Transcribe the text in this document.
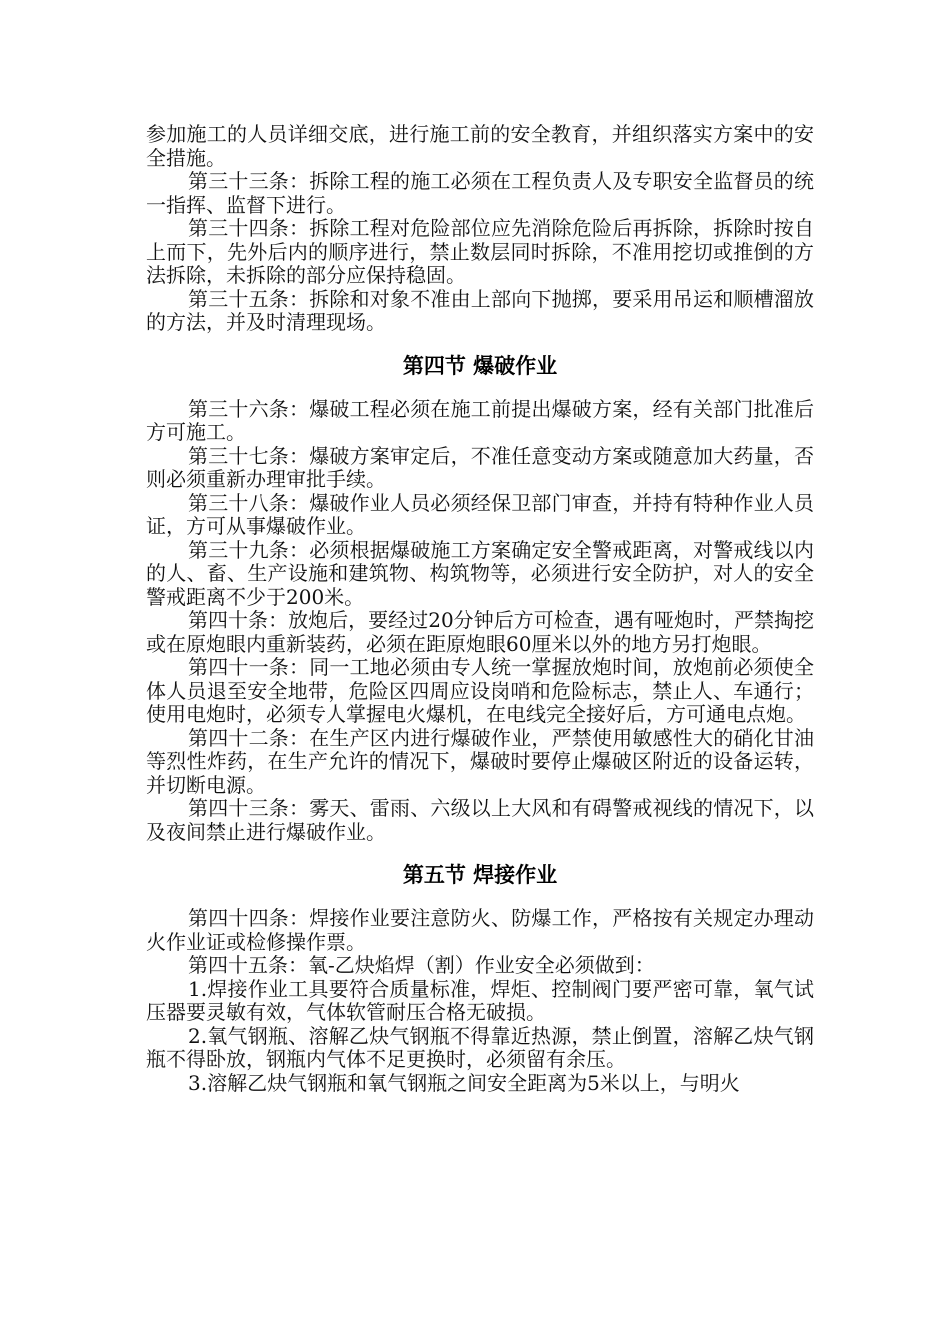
参加施工的人员详细交底，进行施工前的安全教育，并组织落实方案中的安全措施。

第三十三条：拆除工程的施工必须在工程负责人及专职安全监督员的统一指挥、监督下进行。

第三十四条：拆除工程对危险部位应先消除危险后再拆除，拆除时按自上而下，先外后内的顺序进行，禁止数层同时拆除，不准用挖切或推倒的方法拆除，未拆除的部分应保持稳固。

第三十五条：拆除和对象不准由上部向下抛掷，要采用吊运和顺槽溜放的方法，并及时清理现场。

第四节 爆破作业

第三十六条：爆破工程必须在施工前提出爆破方案，经有关部门批准后方可施工。

第三十七条：爆破方案审定后，不准任意变动方案或随意加大药量，否则必须重新办理审批手续。

第三十八条：爆破作业人员必须经保卫部门审查，并持有特种作业人员证，方可从事爆破作业。

第三十九条：必须根据爆破施工方案确定安全警戒距离，对警戒线以内的人、畜、生产设施和建筑物、构筑物等，必须进行安全防护，对人的安全警戒距离不少于200米。

第四十条：放炮后，要经过20分钟后方可检查，遇有哑炮时，严禁掏挖或在原炮眼内重新装药，必须在距原炮眼60厘米以外的地方另打炮眼。

第四十一条：同一工地必须由专人统一掌握放炮时间，放炮前必须使全体人员退至安全地带，危险区四周应设岗哨和危险标志，禁止人、车通行；使用电炮时，必须专人掌握电火爆机，在电线完全接好后，方可通电点炮。

第四十二条：在生产区内进行爆破作业，严禁使用敏感性大的硝化甘油等烈性炸药，在生产允许的情况下，爆破时要停止爆破区附近的设备运转，并切断电源。

第四十三条：雾天、雷雨、六级以上大风和有碍警戒视线的情况下，以及夜间禁止进行爆破作业。

第五节 焊接作业

第四十四条：焊接作业要注意防火、防爆工作，严格按有关规定办理动火作业证或检修操作票。

第四十五条：氧-乙炔焰焊（割）作业安全必须做到：

1.焊接作业工具要符合质量标准，焊炬、控制阀门要严密可靠，氧气试压器要灵敏有效，气体软管耐压合格无破损。

2.氧气钢瓶、溶解乙炔气钢瓶不得靠近热源，禁止倒置，溶解乙炔气钢瓶不得卧放，钢瓶内气体不足更换时，必须留有余压。

3.溶解乙炔气钢瓶和氧气钢瓶之间安全距离为5米以上，与明火
